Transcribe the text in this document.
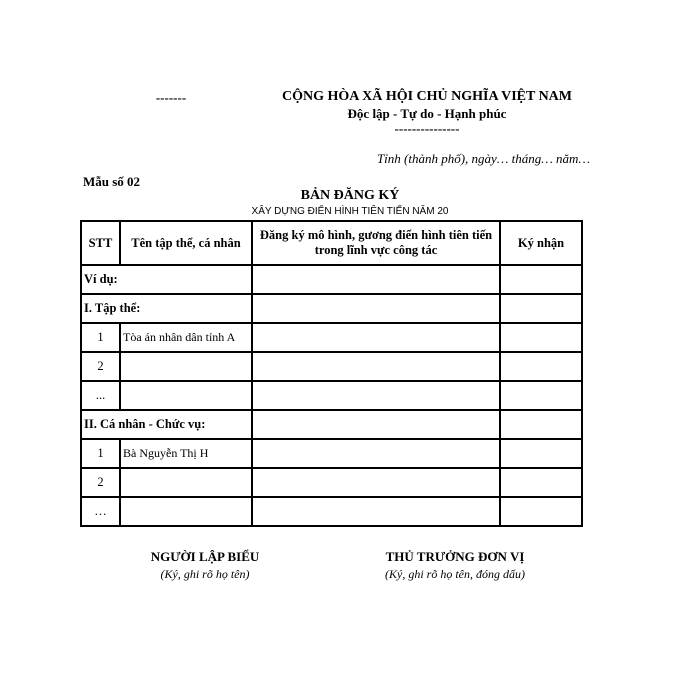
-------	CỘNG HÒA XÃ HỘI CHỦ NGHĨA VIỆT NAM
Độc lập - Tự do - Hạnh phúc
---------------
Tỉnh (thành phố), ngày… tháng… năm…
Mẫu số 02
BẢN ĐĂNG KÝ
XÂY DỰNG ĐIỂN HÌNH TIÊN TIẾN NĂM 20
STT	Tên tập thể, cá nhân	Đăng ký mô hình, gương điển hình tiên tiến trong lĩnh vực công tác	Ký nhận
Ví dụ:			
I. Tập thể:			
1	Tòa án nhân dân tỉnh A		
2			
...			
II. Cá nhân - Chức vụ:			
1	Bà Nguyễn Thị H		
2			
…			
NGƯỜI LẬP BIỂU
(Ký, ghi rõ họ tên)
THỦ TRƯỞNG ĐƠN VỊ
(Ký, ghi rõ họ tên, đóng dấu)
